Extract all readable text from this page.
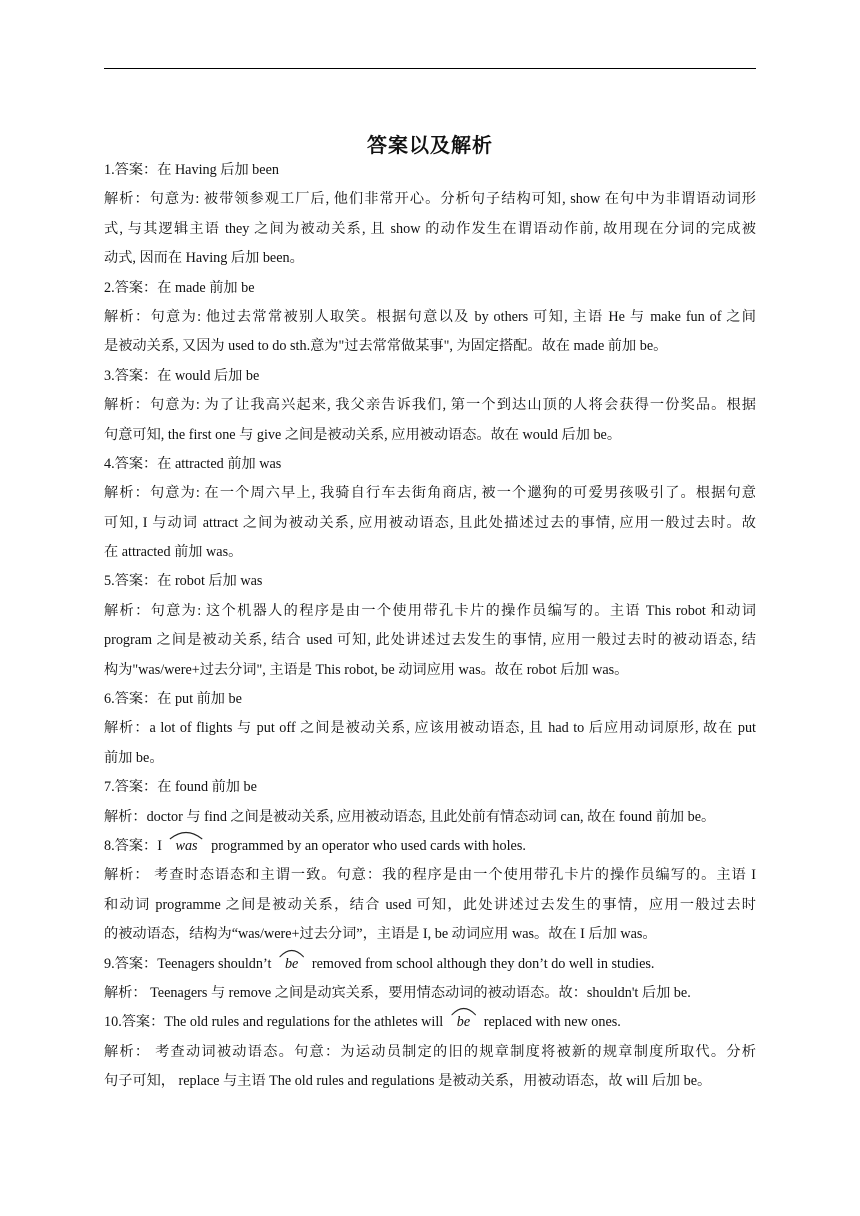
答案以及解析
1.答案：在 Having 后加 been
解析：句意为: 被带领参观工厂后, 他们非常开心。分析句子结构可知, show 在句中为非谓语动词形
式, 与其逻辑主语 they 之间为被动关系, 且 show 的动作发生在谓语动作前, 故用现在分词的完成被
动式, 因而在 Having 后加 been。
2.答案：在 made 前加 be
解析：句意为: 他过去常常被别人取笑。根据句意以及 by others 可知, 主语 He 与 make fun of 之间
是被动关系, 又因为 used to do sth.意为"过去常常做某事", 为固定搭配。故在 made 前加 be。
3.答案：在 would 后加 be
解析：句意为: 为了让我高兴起来, 我父亲告诉我们, 第一个到达山顶的人将会获得一份奖品。根据
句意可知, the first one 与 give 之间是被动关系, 应用被动语态。故在 would 后加 be。
4.答案：在 attracted 前加 was
解析：句意为: 在一个周六早上, 我骑自行车去街角商店, 被一个邋狗的可爱男孩吸引了。根据句意
可知, I 与动词 attract 之间为被动关系, 应用被动语态, 且此处描述过去的事情, 应用一般过去时。故
在 attracted 前加 was。
5.答案：在 robot 后加 was
解析：句意为: 这个机器人的程序是由一个使用带孔卡片的操作员编写的。主语 This robot 和动词
program 之间是被动关系, 结合 used 可知, 此处讲述过去发生的事情, 应用一般过去时的被动语态, 结
构为"was/were+过去分词", 主语是 This robot, be 动词应用 was。故在 robot 后加 was。
6.答案：在 put 前加 be
解析：a lot of flights 与 put off 之间是被动关系, 应该用被动语态, 且 had to 后应用动词原形, 故在 put
前加 be。
7.答案：在 found 前加 be
解析：doctor 与 find 之间是被动关系, 应用被动语态, 且此处前有情态动词 can, 故在 found 前加 be。
8.答案：I was programmed by an operator who used cards with holes.
解析： 考查时态语态和主谓一致。句意：我的程序是由一个使用带孔卡片的操作员编写的。主语 I
和动词 programme 之间是被动关系，结合 used 可知，此处讲述过去发生的事情，应用一般过去时
的被动语态，结构为“was/were+过去分词”，主语是 I, be 动词应用 was。故在 I 后加 was。
9.答案：Teenagers shouldn’t be removed from school although they don’t do well in studies.
解析： Teenagers 与 remove 之间是动宾关系，要用情态动词的被动语态。故：shouldn't 后加 be.
10.答案：The old rules and regulations for the athletes will be replaced with new ones.
解析： 考查动词被动语态。句意：为运动员制定的旧的规章制度将被新的规章制度所取代。分析
句子可知， replace 与主语 The old rules and regulations 是被动关系，用被动语态，故 will 后加 be。
